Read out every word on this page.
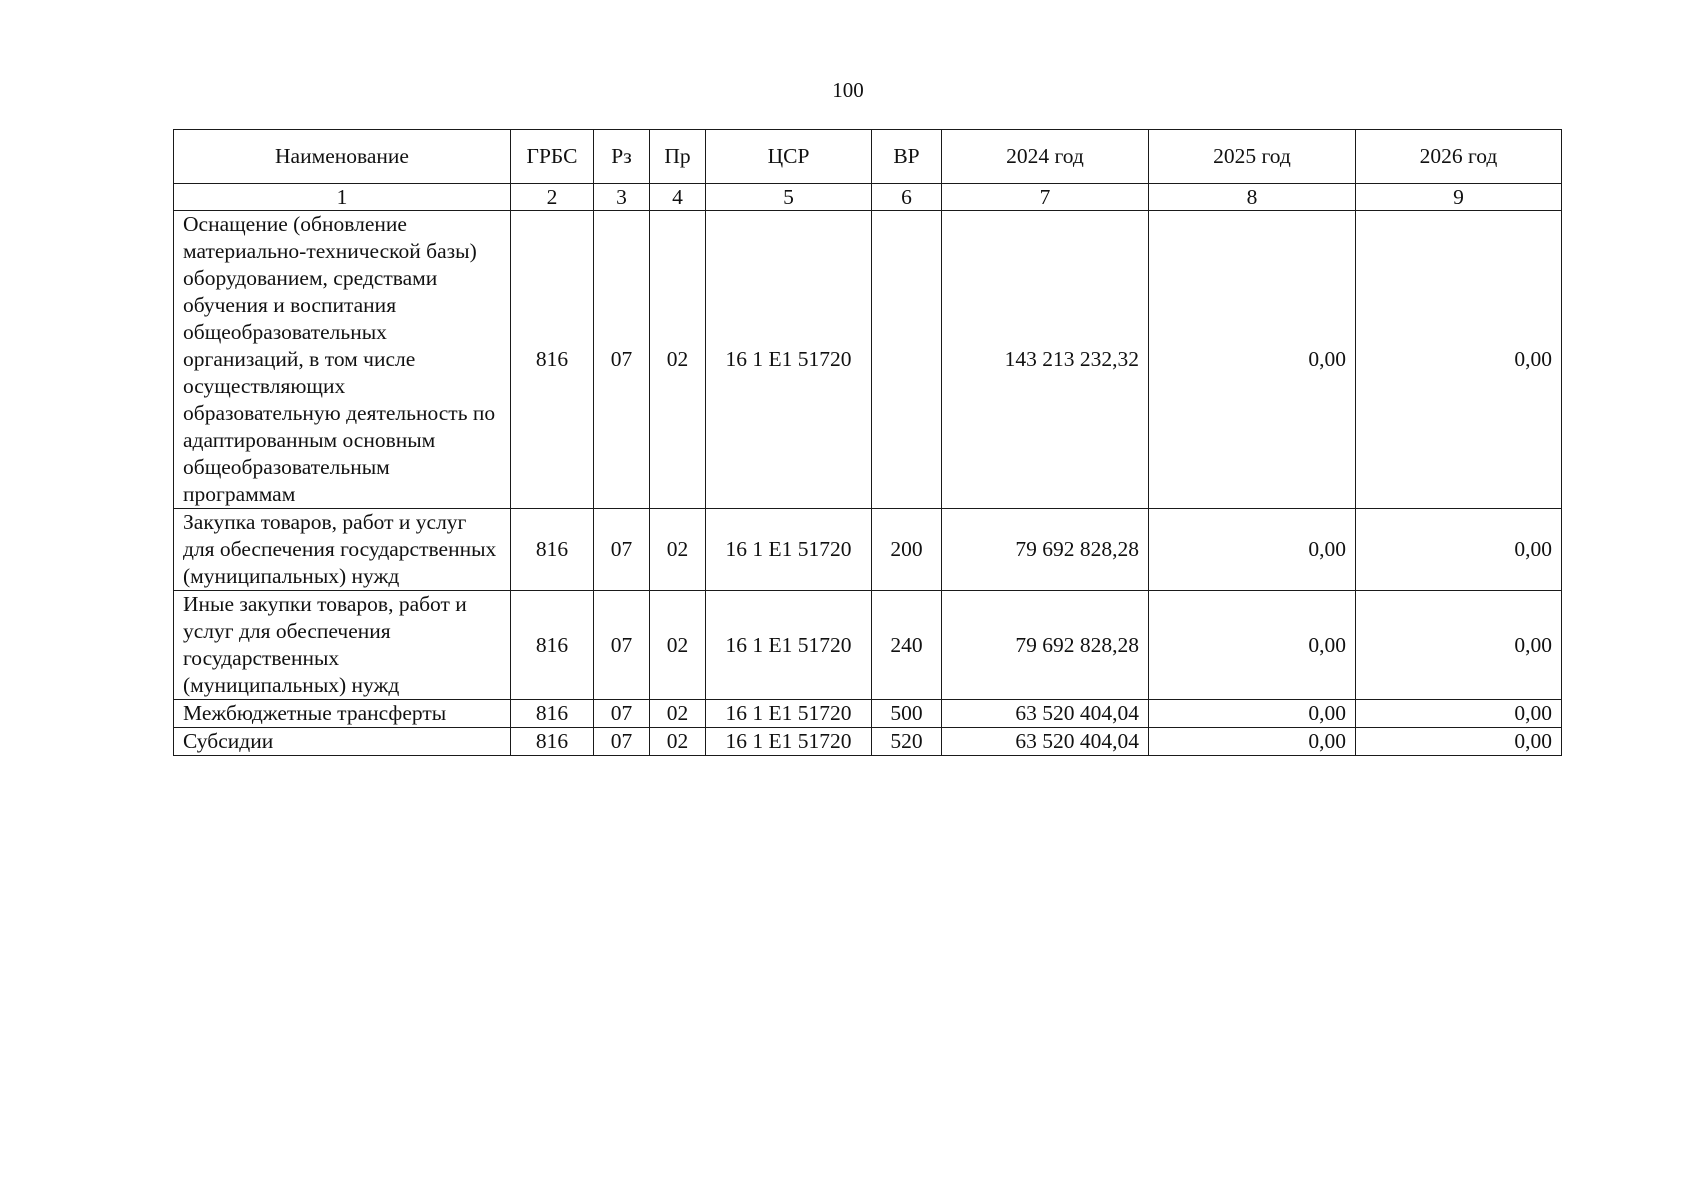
100
Наименование	ГРБС	Рз	Пр	ЦСР	ВР	2024 год	2025 год	2026 год
1	2	3	4	5	6	7	8	9
Оснащение (обновление материально-технической базы) оборудованием, средствами обучения и воспитания общеобразовательных организаций, в том числе осуществляющих образовательную деятельность по адаптированным основным общеобразовательным программам	816	07	02	16 1 E1 51720		143 213 232,32	0,00	0,00
Закупка товаров, работ и услуг для обеспечения государственных (муниципальных) нужд	816	07	02	16 1 E1 51720	200	79 692 828,28	0,00	0,00
Иные закупки товаров, работ и услуг для обеспечения государственных (муниципальных) нужд	816	07	02	16 1 E1 51720	240	79 692 828,28	0,00	0,00
Межбюджетные трансферты	816	07	02	16 1 E1 51720	500	63 520 404,04	0,00	0,00
Субсидии	816	07	02	16 1 E1 51720	520	63 520 404,04	0,00	0,00
